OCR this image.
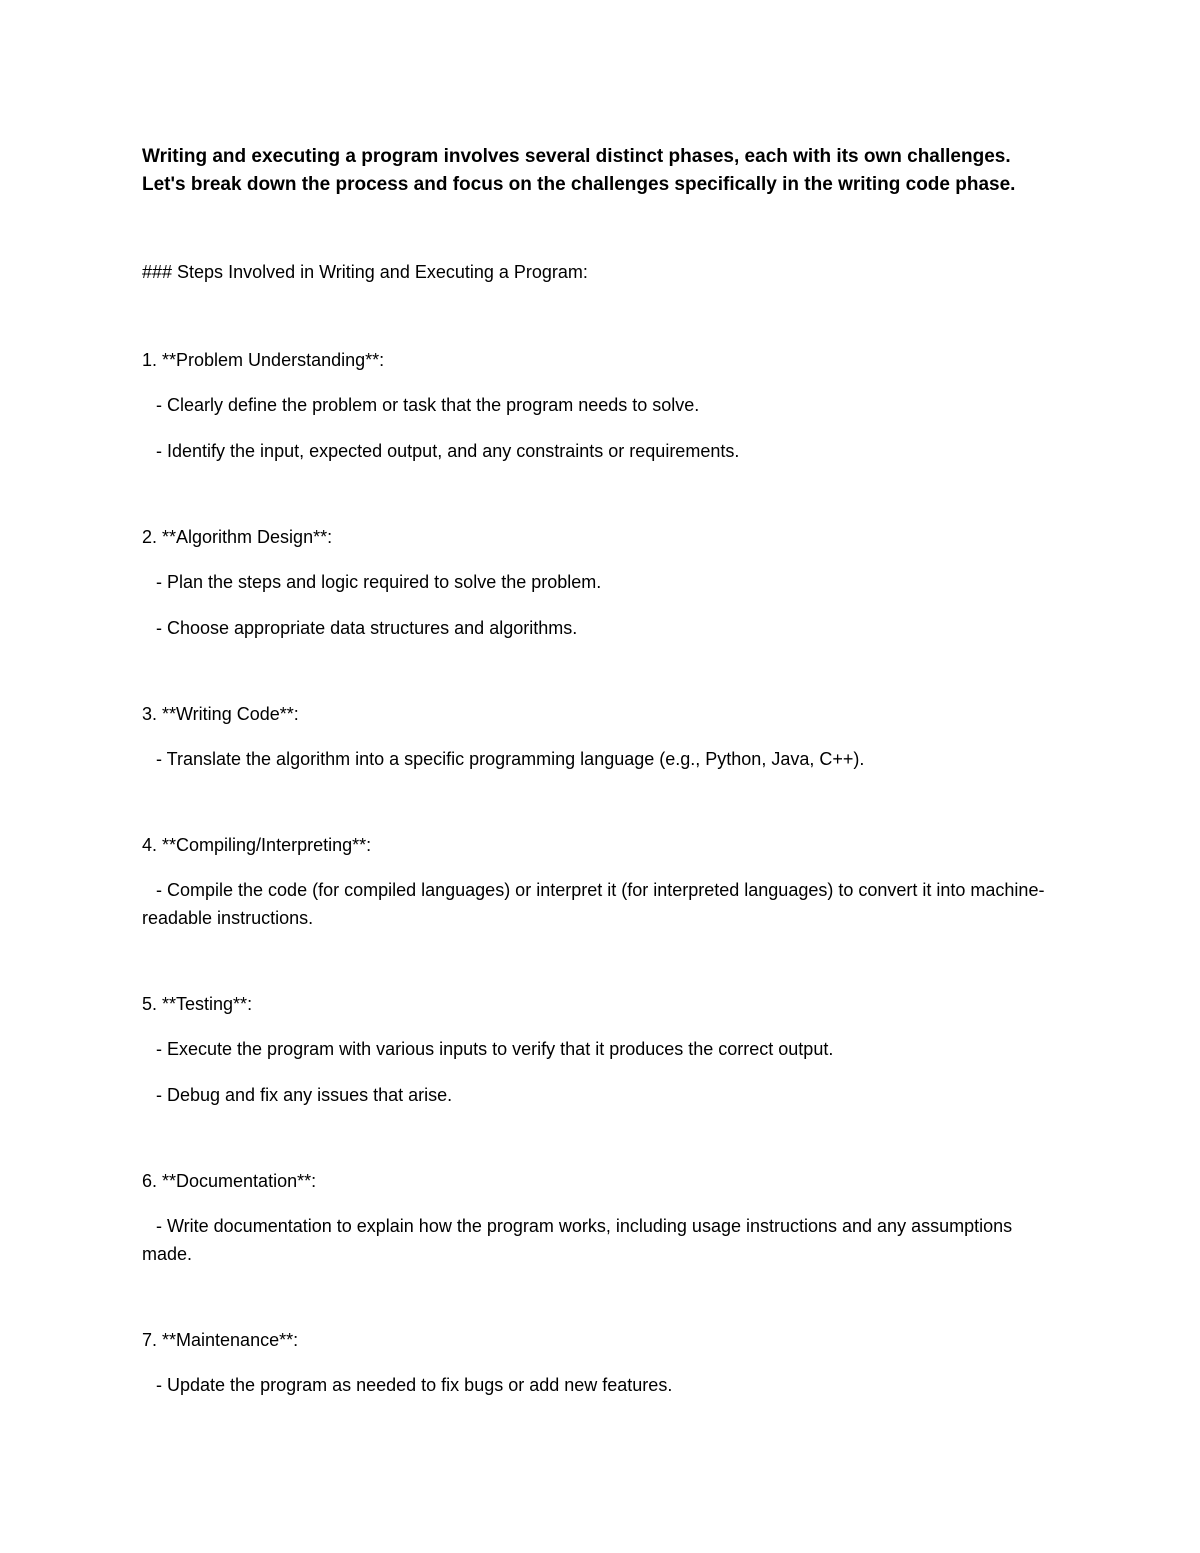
Writing and executing a program involves several distinct phases, each with its own challenges. Let's break down the process and focus on the challenges specifically in the writing code phase.

### Steps Involved in Writing and Executing a Program:

1. **Problem Understanding**:

- Clearly define the problem or task that the program needs to solve.

- Identify the input, expected output, and any constraints or requirements.

2. **Algorithm Design**:

- Plan the steps and logic required to solve the problem.

- Choose appropriate data structures and algorithms.

3. **Writing Code**:

- Translate the algorithm into a specific programming language (e.g., Python, Java, C++).

4. **Compiling/Interpreting**:

- Compile the code (for compiled languages) or interpret it (for interpreted languages) to convert it into machine-readable instructions.

5. **Testing**:

- Execute the program with various inputs to verify that it produces the correct output.

- Debug and fix any issues that arise.

6. **Documentation**:

- Write documentation to explain how the program works, including usage instructions and any assumptions made.

7. **Maintenance**:

- Update the program as needed to fix bugs or add new features.
